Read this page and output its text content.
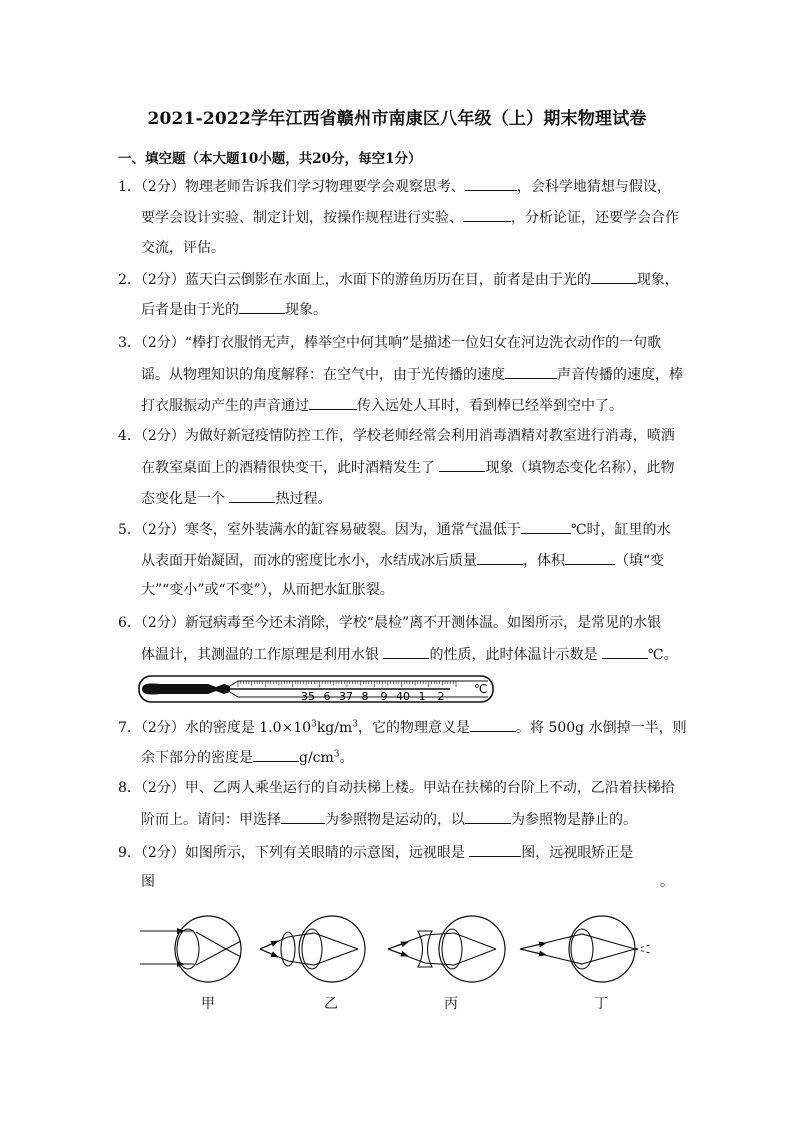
2021-2022学年江西省赣州市南康区八年级（上）期末物理试卷
一、填空题（本大题10小题，共20分，每空1分）
1．（2分）物理老师告诉我们学习物理要学会观察思考、	，会科学地猜想与假设，
要学会设计实验、制定计划，按操作规程进行实验、	，分析论证，还要学会合作
交流，评估。
2．（2分）蓝天白云倒影在水面上，水面下的游鱼历历在目，前者是由于光的	现象，
后者是由于光的	现象。
3．（2分）“棒打衣服悄无声，棒举空中何其响”是描述一位妇女在河边洗衣动作的一句歌
谣。从物理知识的角度解释：在空气中，由于光传播的速度	声音传播的速度，棒
打衣服振动产生的声音通过	传入远处人耳时，看到棒已经举到空中了。
4．（2分）为做好新冠疫情防控工作，学校老师经常会利用消毒酒精对教室进行消毒，喷洒
在教室桌面上的酒精很快变干，此时酒精发生了	现象（填物态变化名称），此物
态变化是一个	热过程。
5．（2分）寒冬，室外装满水的缸容易破裂。因为，通常气温低于	℃时，缸里的水
从表面开始凝固，而冰的密度比水小，水结成冰后质量	，体积	（填“变
大”“变小”或“不变”），从而把水缸胀裂。
6．（2分）新冠病毒至今还未消除，学校“晨检”离不开测体温。如图所示，是常见的水银
体温计，其测温的工作原理是利用水银	的性质，此时体温计示数是	℃。
35 6 37 8 9 40 1 2
℃
7．（2分）水的密度是 $1.0\times 10^3kg/m^3$，它的物理意义是	。将 500g 水倒掉一半，则
余下部分的密度是	$g/cm^3$。
8．（2分）甲、乙两人乘坐运行的自动扶梯上楼。甲站在扶梯的台阶上不动，乙沿着扶梯拾
阶而上。请问：甲选择	为参照物是运动的，以	为参照物是静止的。
9．（2分）如图所示，下列有关眼睛的示意图，远视眼是	图，远视眼矫正是
图	。
甲	乙	丙	丁
